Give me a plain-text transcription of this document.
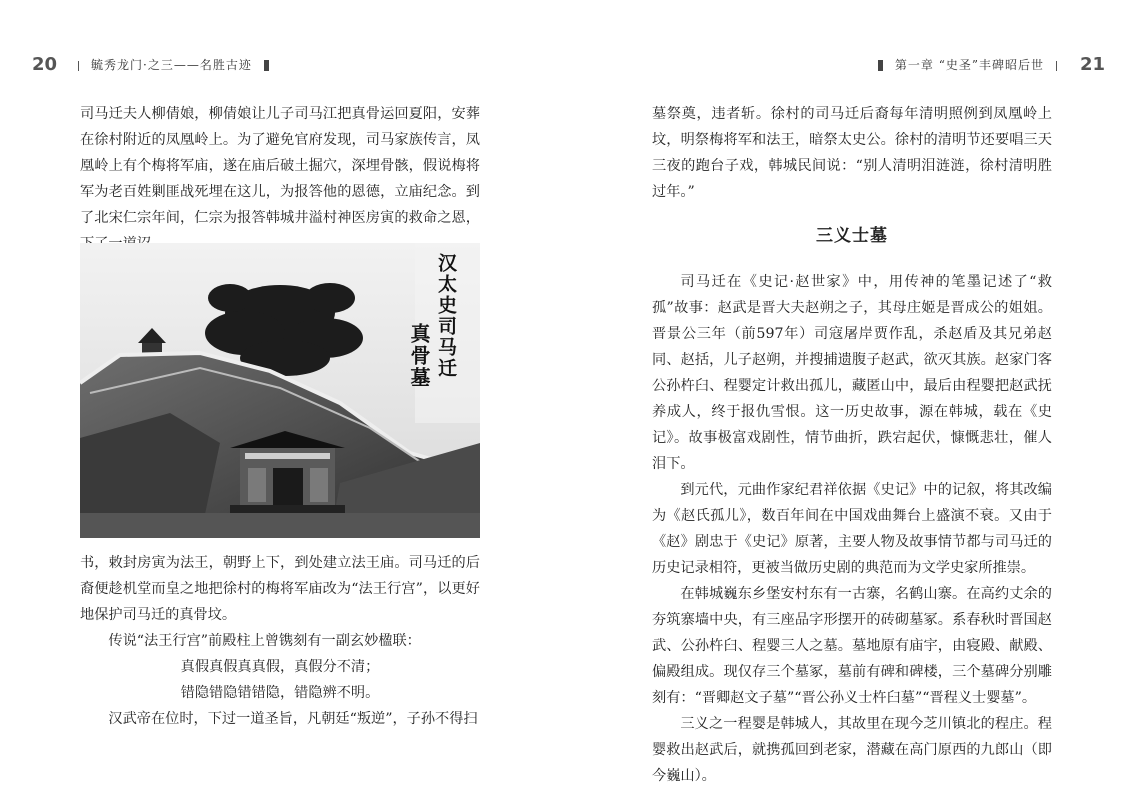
20	毓秀龙门·之三——名胜古迹	第一章 “史圣”丰碑昭后世	21

司马迁夫人柳倩娘，柳倩娘让儿子司马江把真骨运回夏阳，安葬在徐村附近的凤凰岭上。为了避免官府发现，司马家族传言，凤凰岭上有个梅将军庙，遂在庙后破土掘穴，深埋骨骸，假说梅将军为老百姓剿匪战死埋在这儿，为报答他的恩德，立庙纪念。到了北宋仁宗年间，仁宗为报答韩城井溢村神医房寅的救命之恩，

汉太史司马迁
真骨墓

书，敕封房寅为法王，朝野上下，到处建立法王庙。司马迁的后裔便趁机堂而皇之地把徐村的梅将军庙改为“法王行宫”，以更好地保护司马迁的真骨坟。

传说“法王行宫”前殿柱上曾镌刻有一副玄妙楹联：

真假真假真真假，真假分不清；

错隐错隐错错隐，错隐辨不明。

汉武帝在位时，下过一道圣旨，凡朝廷“叛逆”，子孙不得扫

墓祭奠，违者斩。徐村的司马迁后裔每年清明照例到凤凰岭上坟，明祭梅将军和法王，暗祭太史公。徐村的清明节还要唱三天三夜的跑台子戏，韩城民间说：“别人清明泪涟涟，徐村清明胜过年。”

三义士墓

司马迁在《史记·赵世家》中，用传神的笔墨记述了“救孤”故事：赵武是晋大夫赵朔之子，其母庄姬是晋成公的姐姐。晋景公三年（前597年）司寇屠岸贾作乱，杀赵盾及其兄弟赵同、赵括，儿子赵朔，并搜捕遗腹子赵武，欲灭其族。赵家门客公孙杵臼、程婴定计救出孤儿，藏匿山中，最后由程婴把赵武抚养成人，终于报仇雪恨。这一历史故事，源在韩城，载在《史记》。故事极富戏剧性，情节曲折，跌宕起伏，慷慨悲壮，催人泪下。

到元代，元曲作家纪君祥依据《史记》中的记叙，将其改编为《赵氏孤儿》，数百年间在中国戏曲舞台上盛演不衰。又由于《赵》剧忠于《史记》原著，主要人物及故事情节都与司马迁的历史记录相符，更被当做历史剧的典范而为文学史家所推崇。

在韩城巍东乡堡安村东有一古寨，名鹤山寨。在高约丈余的夯筑寨墙中央，有三座品字形摆开的砖砌墓冢。系春秋时晋国赵武、公孙杵臼、程婴三人之墓。墓地原有庙宇，由寝殿、献殿、偏殿组成。现仅存三个墓冢，墓前有碑和碑楼，三个墓碑分别雕刻有：“晋卿赵文子墓”“晋公孙义士杵臼墓”“晋程义士婴墓”。

三义之一程婴是韩城人，其故里在现今芝川镇北的程庄。程婴救出赵武后，就携孤回到老家，潜藏在高门原西的九郎山（即今巍山）。
